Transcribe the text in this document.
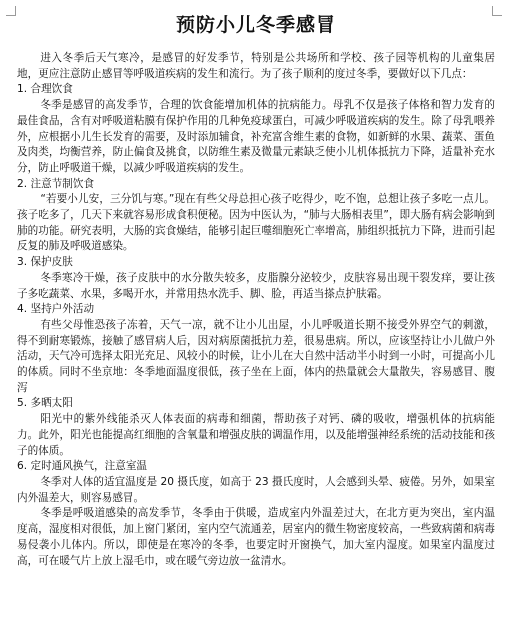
预防小儿冬季感冒

进入冬季后天气寒冷，是感冒的好发季节，特别是公共场所和学校、孩子园等机构的儿童集居地，更应注意防止感冒等呼吸道疾病的发生和流行。为了孩子顺利的度过冬季，要做好以下几点：

1. 合理饮食

冬季是感冒的高发季节，合理的饮食能增加机体的抗病能力。母乳不仅是孩子体格和智力发育的最佳食品，含有对呼吸道粘膜有保护作用的几种免疫球蛋白，可减少呼吸道疾病的发生。除了母乳喂养外，应根据小儿生长发育的需要，及时添加辅食，补充富含维生素的食物，如新鲜的水果、蔬菜、蛋鱼及肉类，均衡营养，防止偏食及挑食，以防维生素及微量元素缺乏使小儿机体抵抗力下降，适量补充水分，防止呼吸道干燥，以减少呼吸道疾病的发生。

2. 注意节制饮食

“若要小儿安，三分饥与寒。”现在有些父母总担心孩子吃得少，吃不饱，总想让孩子多吃一点儿。孩子吃多了，几天下来就容易形成食积便秘。因为中医认为，“肺与大肠相表里”，即大肠有病会影响到肺的功能。研究表明，大肠的宾食燥结，能够引起巨噬细胞死亡率增高，肺组织抵抗力下降，进而引起反复的肺及呼吸道感染。

3. 保护皮肤

冬季寒冷干燥，孩子皮肤中的水分散失较多，皮脂腺分泌较少，皮肤容易出现干裂发痒，要让孩子多吃蔬菜、水果，多喝开水，并常用热水洗手、脚、脸，再适当搽点护肤霜。

4. 坚持户外活动

有些父母惟恐孩子冻着，天气一凉，就不让小儿出屋，小儿呼吸道长期不接受外界空气的刺激，得不到耐寒锻炼，接触了感冒病人后，因对病原菌抵抗力差，很易患病。所以，应该坚持让小儿做户外活动，天气冷可选择太阳光充足、风较小的时候，让小儿在大自然中活动半小时到一小时，可提高小儿的体质。同时不坐京地：冬季地面温度很低，孩子坐在上面，体内的热量就会大量散失，容易感冒、腹泻

5. 多晒太阳

阳光中的紫外线能杀灭人体表面的病毒和细菌，帮助孩子对钙、磷的吸收，增强机体的抗病能力。此外，阳光也能提高红细胞的含氧量和增强皮肤的调温作用，以及能增强神经系统的活动技能和孩子的体质。

6. 定时通风换气，注意室温

冬季对人体的适宜温度是 20 摄氏度，如高于 23 摄氏度时，人会感到头晕、疲倦。另外，如果室内外温差大，则容易感冒。

冬季是呼吸道感染的高发季节，冬季由于供暖，造成室内外温差过大，在北方更为突出，室内温度高，湿度相对很低，加上窗门紧闭，室内空气流通差，居室内的微生物密度较高，一些致病菌和病毒易侵袭小儿体内。所以，即使是在寒冷的冬季，也要定时开窗换气，加大室内湿度。如果室内温度过高，可在暖气片上放上湿毛巾，或在暖气旁边放一盆清水。
